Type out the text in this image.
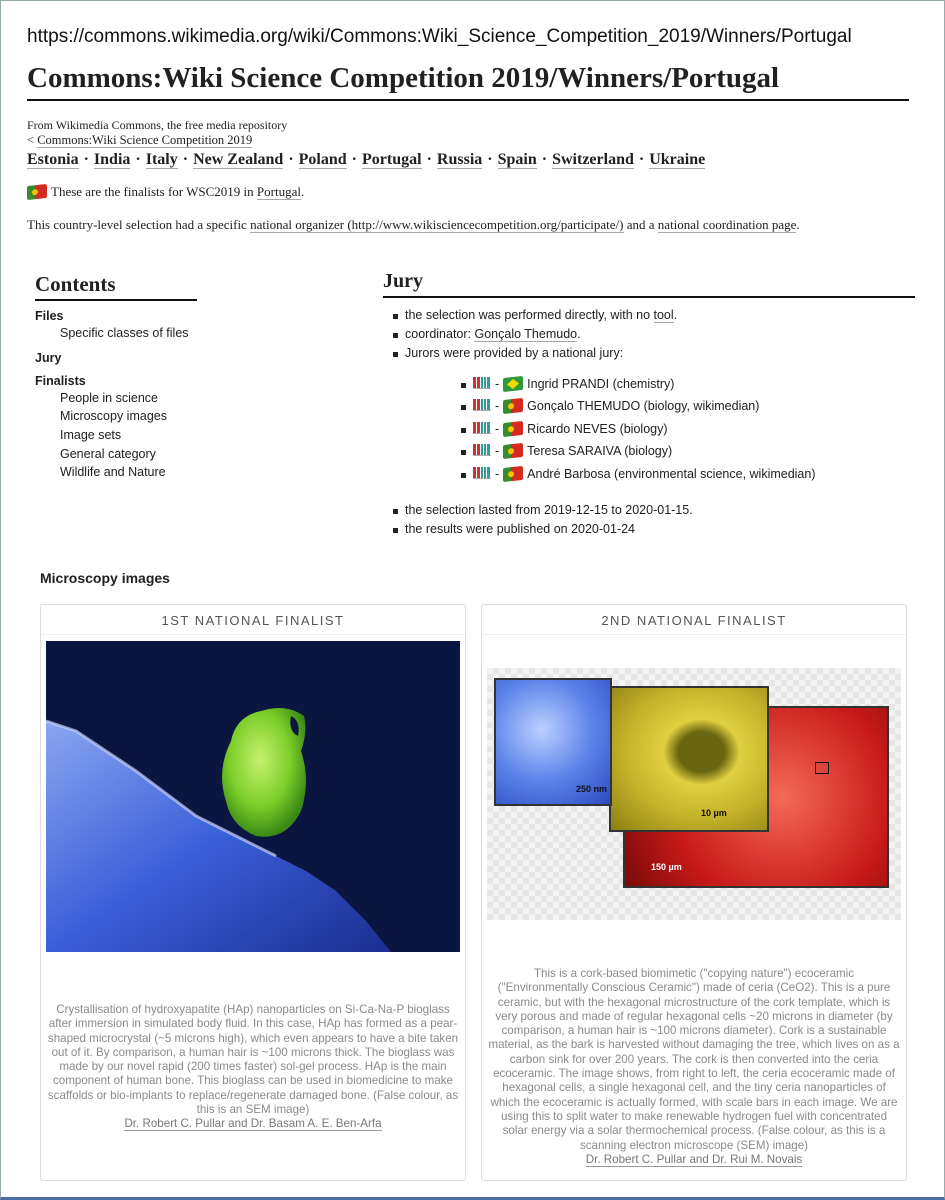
https://commons.wikimedia.org/wiki/Commons:Wiki_Science_Competition_2019/Winners/Portugal
Commons:Wiki Science Competition 2019/Winners/Portugal
From Wikimedia Commons, the free media repository
< Commons:Wiki Science Competition 2019
Estonia · India · Italy · New Zealand · Poland · Portugal · Russia · Spain · Switzerland · Ukraine
These are the finalists for WSC2019 in Portugal.
This country-level selection had a specific national organizer (http://www.wikisciencecompetition.org/participate/) and a national coordination page.
Contents
Files
Specific classes of files
Jury
Finalists
People in science
Microscopy images
Image sets
General category
Wildlife and Nature
Jury
the selection was performed directly, with no tool.
coordinator: Gonçalo Themudo.
Jurors were provided by a national jury:
- Ingrid PRANDI (chemistry)
- Gonçalo THEMUDO (biology, wikimedian)
- Ricardo NEVES (biology)
- Teresa SARAIVA (biology)
- André Barbosa (environmental science, wikimedian)
the selection lasted from 2019-12-15 to 2020-01-15.
the results were published on 2020-01-24
Microscopy images
1ST NATIONAL FINALIST
Crystallisation of hydroxyapatite (HAp) nanoparticles on Si-Ca-Na-P bioglass after immersion in simulated body fluid. In this case, HAp has formed as a pear-shaped microcrystal (~5 microns high), which even appears to have a bite taken out of it. By comparison, a human hair is ~100 microns thick. The bioglass was made by our novel rapid (200 times faster) sol-gel process. HAp is the main component of human bone. This bioglass can be used in biomedicine to make scaffolds or bio-implants to replace/regenerate damaged bone. (False colour, as this is an SEM image)
Dr. Robert C. Pullar and Dr. Basam A. E. Ben-Arfa
2ND NATIONAL FINALIST
150 µm
10 µm
250 nm
This is a cork-based biomimetic ("copying nature") ecoceramic ("Environmentally Conscious Ceramic") made of ceria (CeO2). This is a pure ceramic, but with the hexagonal microstructure of the cork template, which is very porous and made of regular hexagonal cells ~20 microns in diameter (by comparison, a human hair is ~100 microns diameter). Cork is a sustainable material, as the bark is harvested without damaging the tree, which lives on as a carbon sink for over 200 years. The cork is then converted into the ceria ecoceramic. The image shows, from right to left, the ceria ecoceramic made of hexagonal cells, a single hexagonal cell, and the tiny ceria nanoparticles of which the ecoceramic is actually formed, with scale bars in each image. We are using this to split water to make renewable hydrogen fuel with concentrated solar energy via a solar thermochemical process. (False colour, as this is a scanning electron microscope (SEM) image)
Dr. Robert C. Pullar and Dr. Rui M. Novais
